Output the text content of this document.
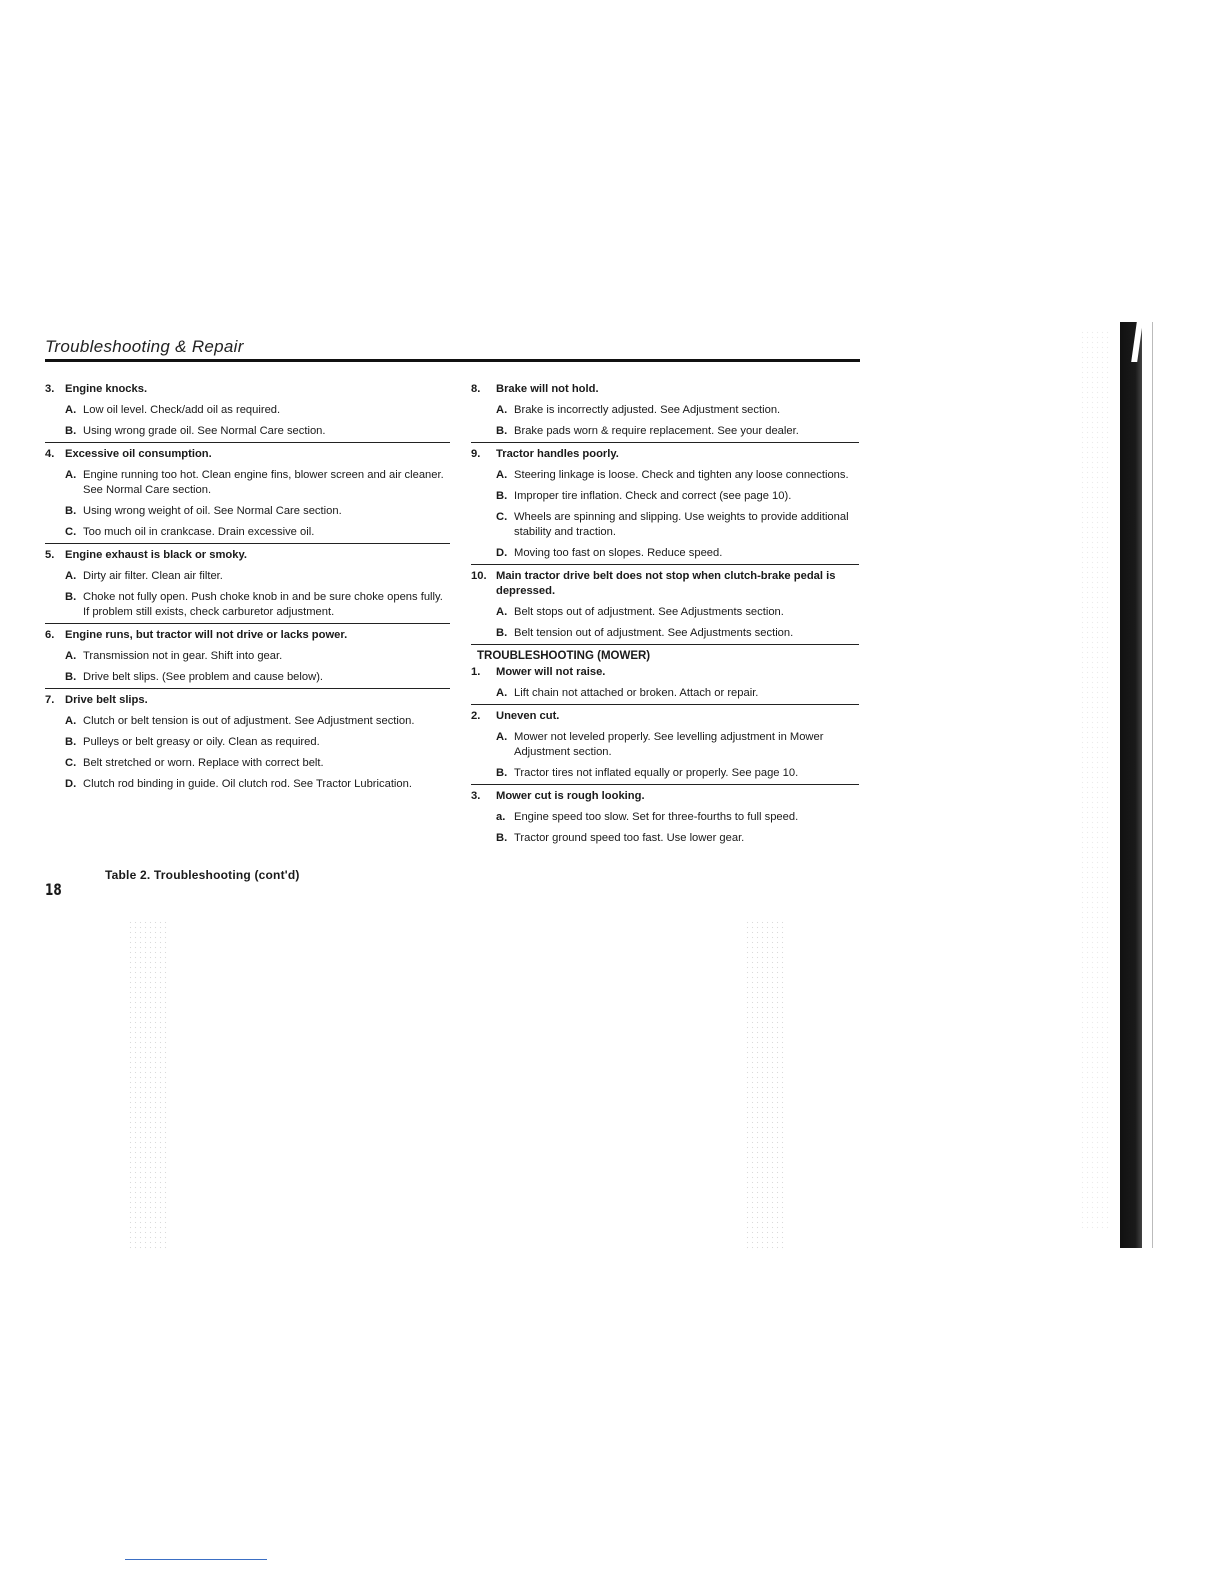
Troubleshooting & Repair
3. Engine knocks.
A. Low oil level. Check/add oil as required.
B. Using wrong grade oil. See Normal Care section.
4. Excessive oil consumption.
A. Engine running too hot. Clean engine fins, blower screen and air cleaner. See Normal Care section.
B. Using wrong weight of oil. See Normal Care section.
C. Too much oil in crankcase. Drain excessive oil.
5. Engine exhaust is black or smoky.
A. Dirty air filter. Clean air filter.
B. Choke not fully open. Push choke knob in and be sure choke opens fully. If problem still exists, check carburetor adjustment.
6. Engine runs, but tractor will not drive or lacks power.
A. Transmission not in gear. Shift into gear.
B. Drive belt slips. (See problem and cause below).
7. Drive belt slips.
A. Clutch or belt tension is out of adjustment. See Adjustment section.
B. Pulleys or belt greasy or oily. Clean as required.
C. Belt stretched or worn. Replace with correct belt.
D. Clutch rod binding in guide. Oil clutch rod. See Tractor Lubrication.
8.	Brake will not hold.
A. Brake is incorrectly adjusted. See Adjustment section.
B. Brake pads worn & require replacement. See your dealer.
9.	Tractor handles poorly.
A. Steering linkage is loose. Check and tighten any loose connections.
B. Improper tire inflation. Check and correct (see page 10).
C. Wheels are spinning and slipping. Use weights to provide additional stability and traction.
D. Moving too fast on slopes. Reduce speed.
10. Main tractor drive belt does not stop when clutch-brake pedal is depressed.
A. Belt stops out of adjustment. See Adjustments section.
B. Belt tension out of adjustment. See Adjustments section.
TROUBLESHOOTING (MOWER)
1.	Mower will not raise.
A. Lift chain not attached or broken. Attach or repair.
2.	Uneven cut.
A. Mower not leveled properly. See levelling adjustment in Mower Adjustment section.
B. Tractor tires not inflated equally or properly. See page 10.
3.	Mower cut is rough looking.
a. Engine speed too slow. Set for three-fourths to full speed.
B. Tractor ground speed too fast. Use lower gear.
Table 2. Troubleshooting (cont'd)
18
